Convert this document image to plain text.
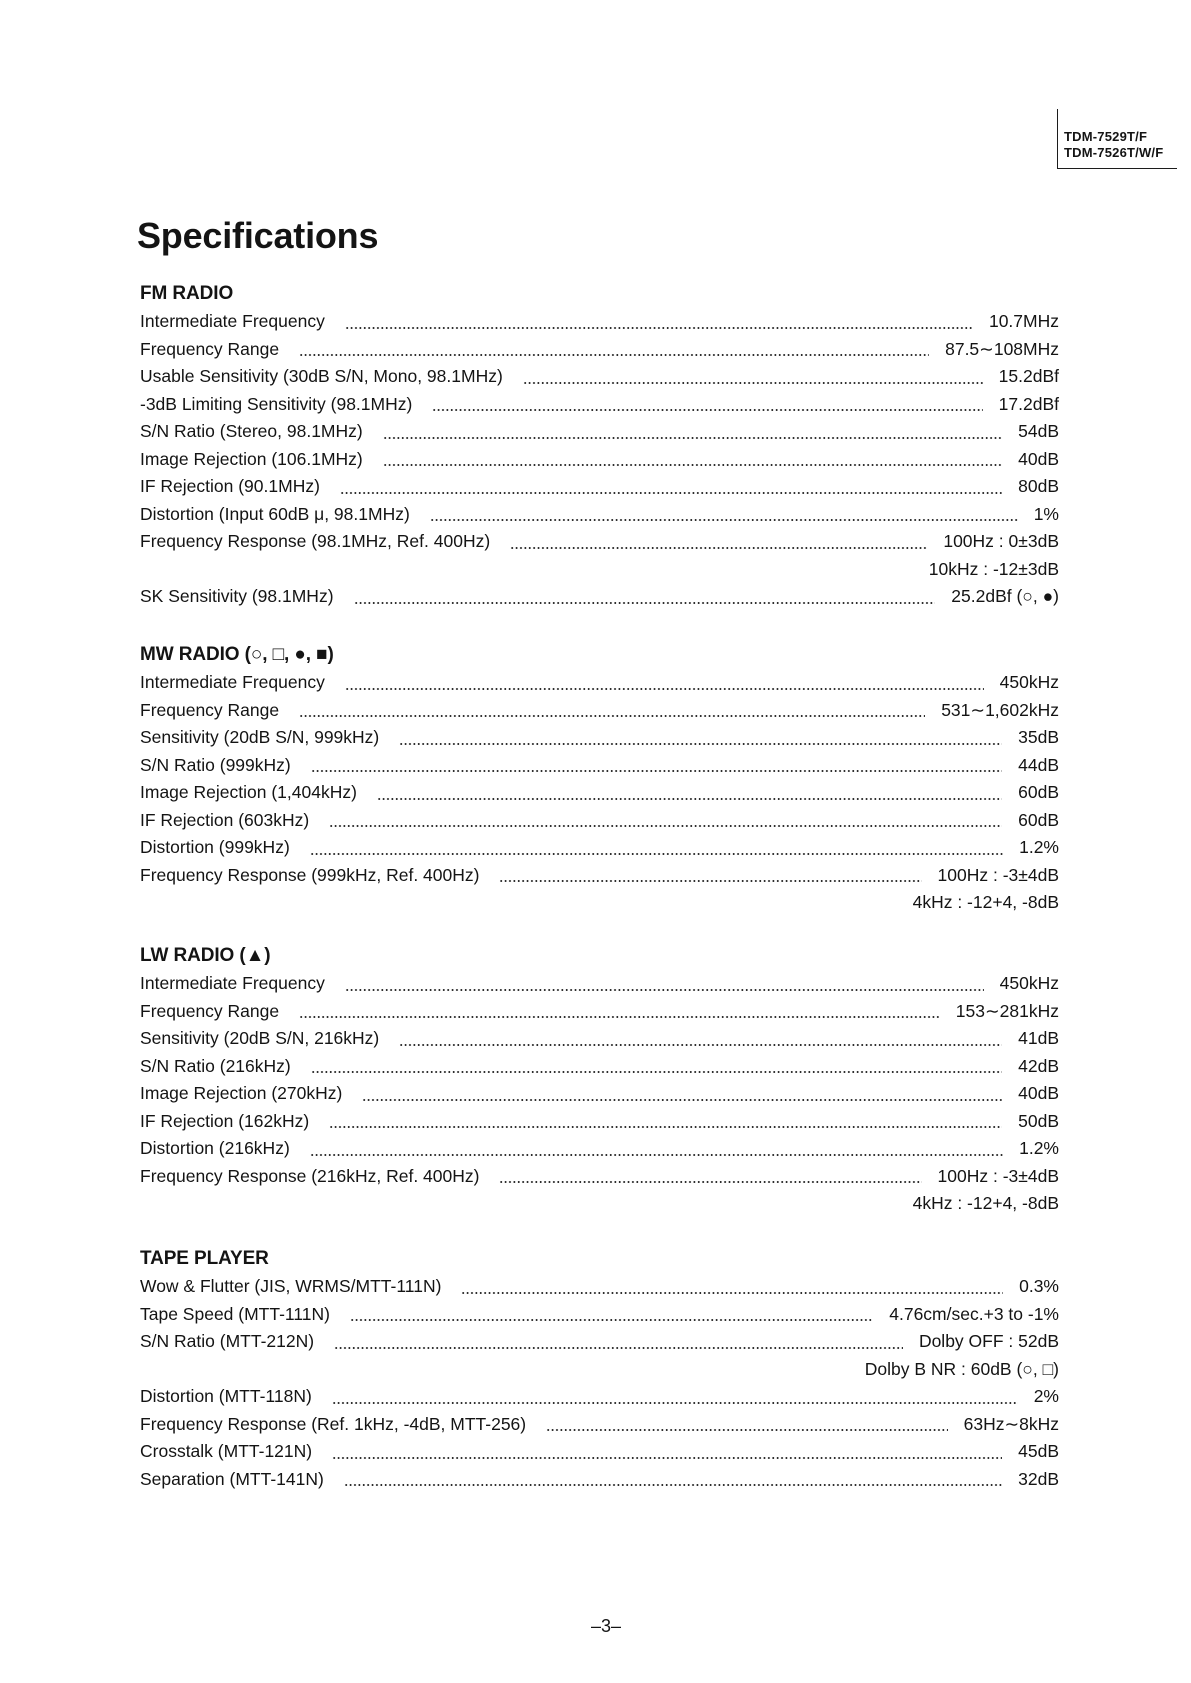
TDM-7529T/F
TDM-7526T/W/F
Specifications
FM RADIO
Intermediate Frequency	10.7MHz
Frequency Range	87.5∼108MHz
Usable Sensitivity (30dB S/N, Mono, 98.1MHz)	15.2dBf
-3dB Limiting Sensitivity (98.1MHz)	17.2dBf
S/N Ratio (Stereo, 98.1MHz)	54dB
Image Rejection (106.1MHz)	40dB
IF Rejection (90.1MHz)	80dB
Distortion (Input 60dB μ, 98.1MHz)	1%
Frequency Response (98.1MHz, Ref. 400Hz)	100Hz : 0±3dB
10kHz : -12±3dB
SK Sensitivity (98.1MHz)	25.2dBf (○, ●)
MW RADIO (○, □, ●, ■)
Intermediate Frequency	450kHz
Frequency Range	531∼1,602kHz
Sensitivity (20dB S/N, 999kHz)	35dB
S/N Ratio (999kHz)	44dB
Image Rejection (1,404kHz)	60dB
IF Rejection (603kHz)	60dB
Distortion (999kHz)	1.2%
Frequency Response (999kHz, Ref. 400Hz)	100Hz : -3±4dB
4kHz : -12+4, -8dB
LW RADIO (▲)
Intermediate Frequency	450kHz
Frequency Range	153∼281kHz
Sensitivity (20dB S/N, 216kHz)	41dB
S/N Ratio (216kHz)	42dB
Image Rejection (270kHz)	40dB
IF Rejection (162kHz)	50dB
Distortion (216kHz)	1.2%
Frequency Response (216kHz, Ref. 400Hz)	100Hz : -3±4dB
4kHz : -12+4, -8dB
TAPE PLAYER
Wow & Flutter (JIS, WRMS/MTT-111N)	0.3%
Tape Speed (MTT-111N)	4.76cm/sec.+3 to -1%
S/N Ratio (MTT-212N)	Dolby OFF : 52dB
Dolby B NR : 60dB (○, □)
Distortion (MTT-118N)	2%
Frequency Response (Ref. 1kHz, -4dB, MTT-256)	63Hz∼8kHz
Crosstalk (MTT-121N)	45dB
Separation (MTT-141N)	32dB
–3–
